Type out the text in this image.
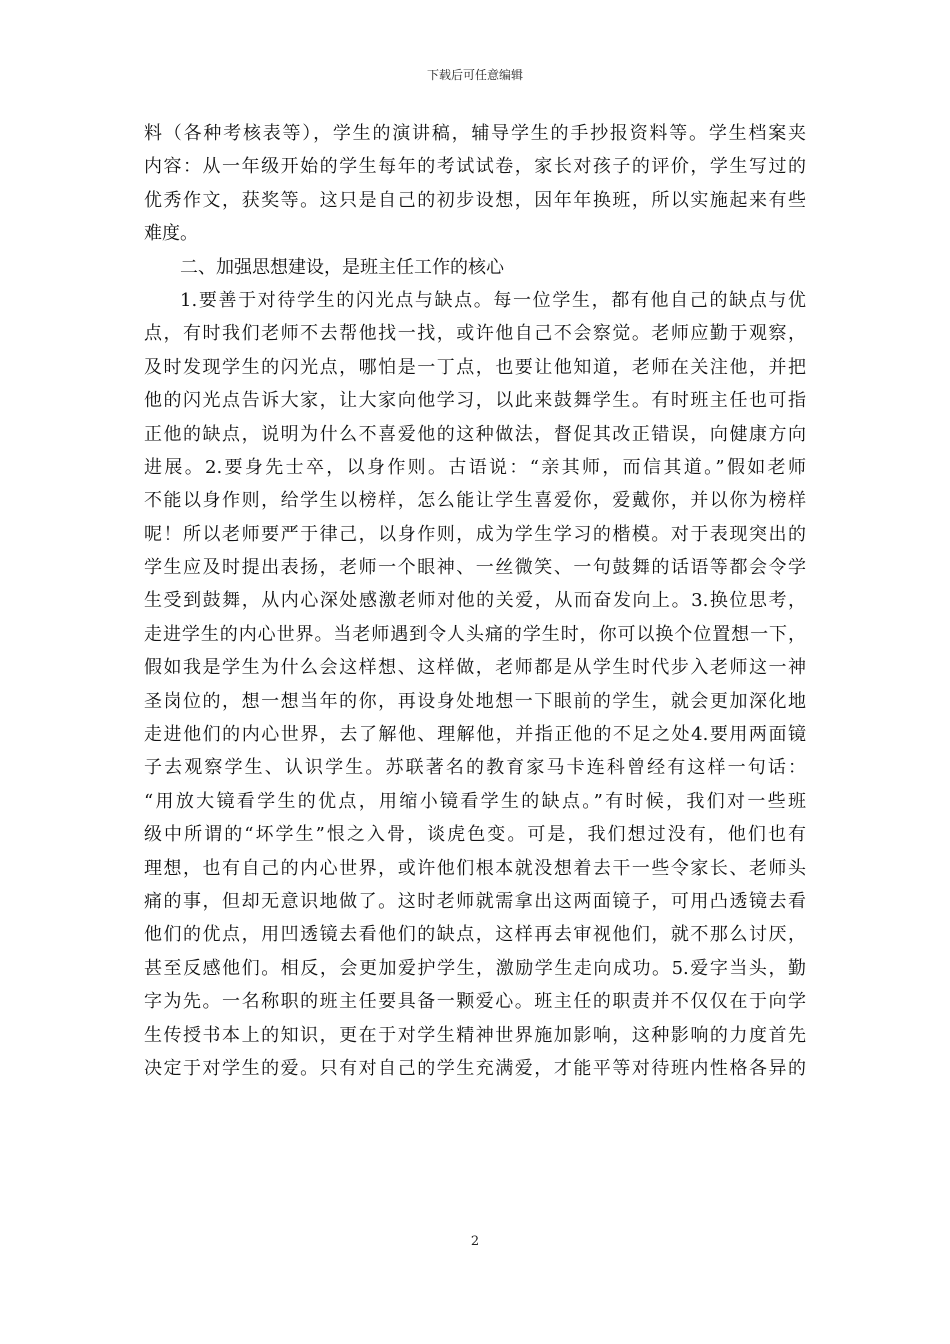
下载后可任意编辑
料（各种考核表等），学生的演讲稿，辅导学生的手抄报资料等。学生档案夹
内容：从一年级开始的学生每年的考试试卷，家长对孩子的评价，学生写过的
优秀作文，获奖等。这只是自己的初步设想，因年年换班，所以实施起来有些
难度。
二、加强思想建设，是班主任工作的核心
1.要善于对待学生的闪光点与缺点。每一位学生，都有他自己的缺点与优
点，有时我们老师不去帮他找一找，或许他自己不会察觉。老师应勤于观察，
及时发现学生的闪光点，哪怕是一丁点，也要让他知道，老师在关注他，并把
他的闪光点告诉大家，让大家向他学习，以此来鼓舞学生。有时班主任也可指
正他的缺点，说明为什么不喜爱他的这种做法，督促其改正错误，向健康方向
进展。2.要身先士卒，以身作则。古语说：“亲其师，而信其道。”假如老师
不能以身作则，给学生以榜样，怎么能让学生喜爱你，爱戴你，并以你为榜样
呢！所以老师要严于律己，以身作则，成为学生学习的楷模。对于表现突出的
学生应及时提出表扬，老师一个眼神、一丝微笑、一句鼓舞的话语等都会令学
生受到鼓舞，从内心深处感激老师对他的关爱，从而奋发向上。3.换位思考，
走进学生的内心世界。当老师遇到令人头痛的学生时，你可以换个位置想一下，
假如我是学生为什么会这样想、这样做，老师都是从学生时代步入老师这一神
圣岗位的，想一想当年的你，再设身处地想一下眼前的学生，就会更加深化地
走进他们的内心世界，去了解他、理解他，并指正他的不足之处4.要用两面镜
子去观察学生、认识学生。苏联著名的教育家马卡连科曾经有这样一句话：
“用放大镜看学生的优点，用缩小镜看学生的缺点。”有时候，我们对一些班
级中所谓的“坏学生”恨之入骨，谈虎色变。可是，我们想过没有，他们也有
理想，也有自己的内心世界，或许他们根本就没想着去干一些令家长、老师头
痛的事，但却无意识地做了。这时老师就需拿出这两面镜子，可用凸透镜去看
他们的优点，用凹透镜去看他们的缺点，这样再去审视他们，就不那么讨厌，
甚至反感他们。相反，会更加爱护学生，激励学生走向成功。5.爱字当头，勤
字为先。一名称职的班主任要具备一颗爱心。班主任的职责并不仅仅在于向学
生传授书本上的知识，更在于对学生精神世界施加影响，这种影响的力度首先
决定于对学生的爱。只有对自己的学生充满爱，才能平等对待班内性格各异的
2
